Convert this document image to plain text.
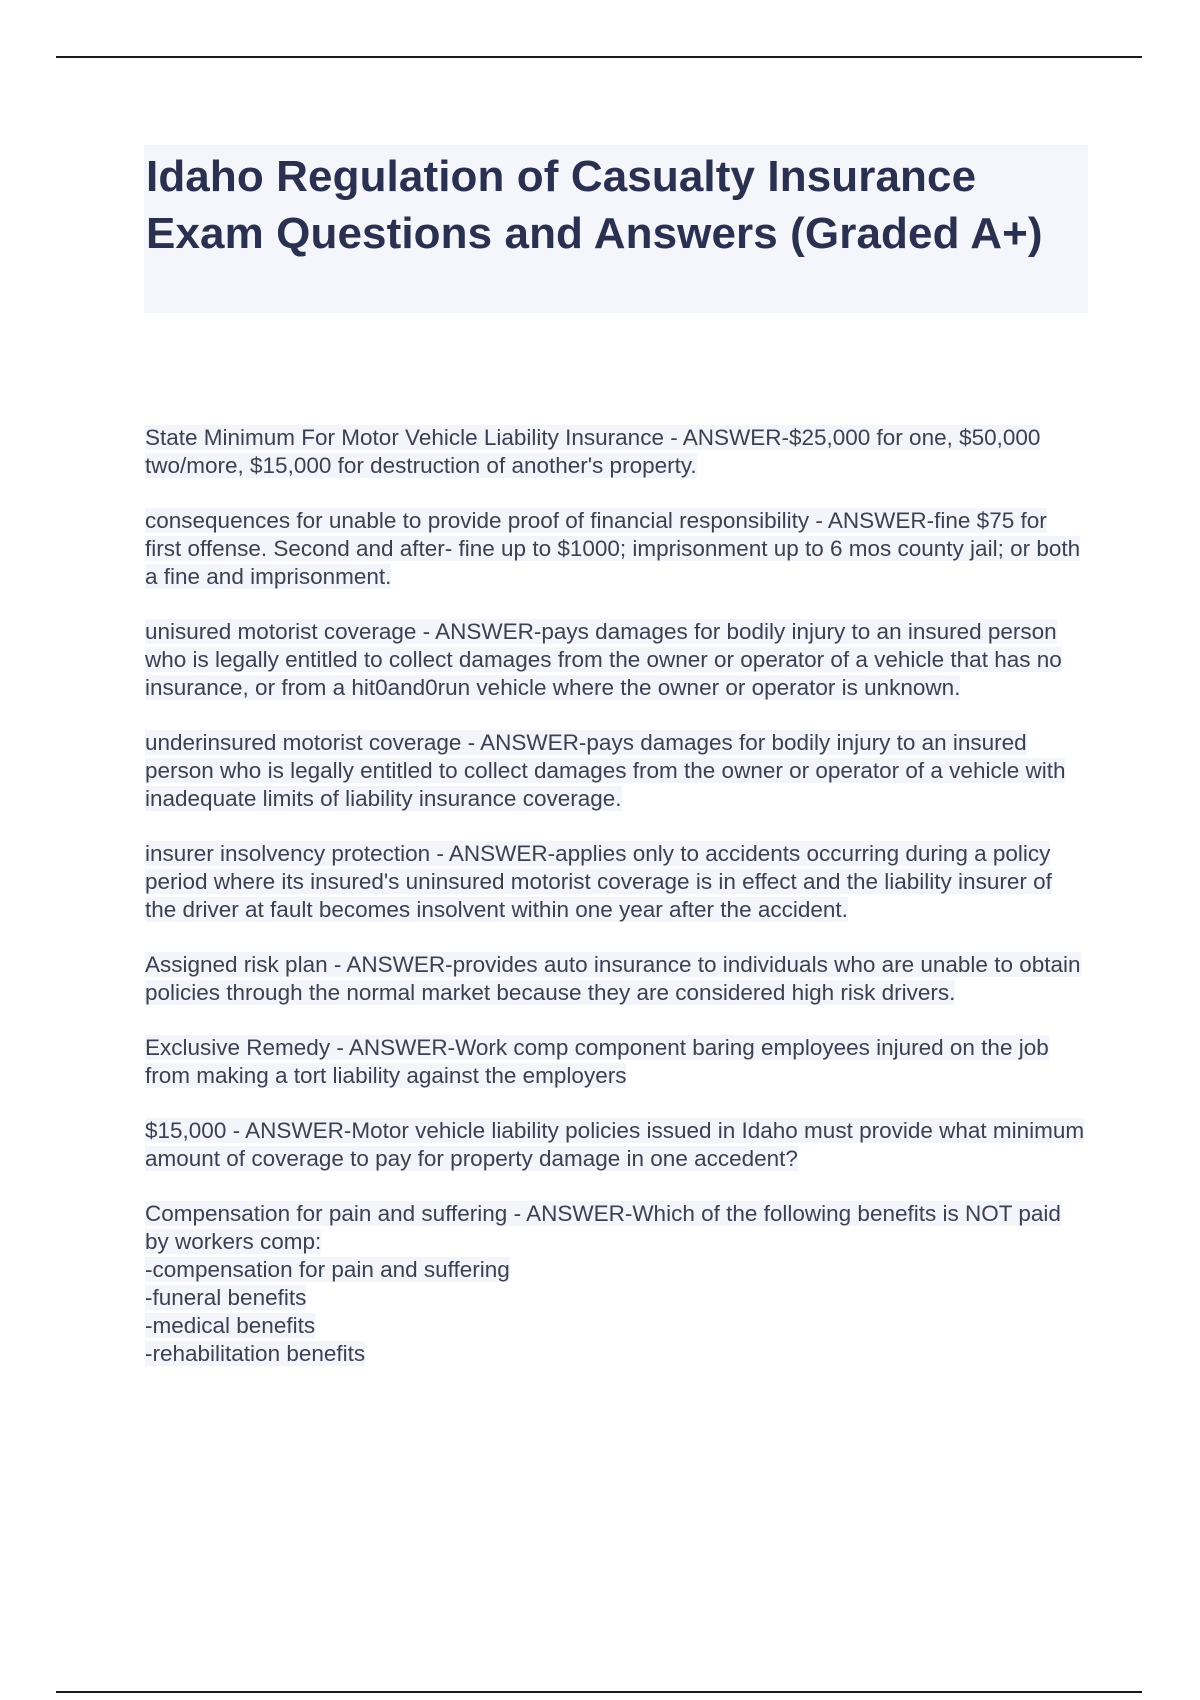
Idaho Regulation of Casualty Insurance Exam Questions and Answers (Graded A+)

State Minimum For Motor Vehicle Liability Insurance - ANSWER-$25,000 for one, $50,000 two/more, $15,000 for destruction of another's property.

consequences for unable to provide proof of financial responsibility - ANSWER-fine $75 for first offense. Second and after- fine up to $1000; imprisonment up to 6 mos county jail; or both a fine and imprisonment.

unisured motorist coverage - ANSWER-pays damages for bodily injury to an insured person who is legally entitled to collect damages from the owner or operator of a vehicle that has no insurance, or from a hit0and0run vehicle where the owner or operator is unknown.

underinsured motorist coverage - ANSWER-pays damages for bodily injury to an insured person who is legally entitled to collect damages from the owner or operator of a vehicle with inadequate limits of liability insurance coverage.

insurer insolvency protection - ANSWER-applies only to accidents occurring during a policy period where its insured's uninsured motorist coverage is in effect and the liability insurer of the driver at fault becomes insolvent within one year after the accident.

Assigned risk plan - ANSWER-provides auto insurance to individuals who are unable to obtain policies through the normal market because they are considered high risk drivers.

Exclusive Remedy - ANSWER-Work comp component baring employees injured on the job from making a tort liability against the employers

$15,000 - ANSWER-Motor vehicle liability policies issued in Idaho must provide what minimum amount of coverage to pay for property damage in one accedent?

Compensation for pain and suffering - ANSWER-Which of the following benefits is NOT paid by workers comp:
-compensation for pain and suffering
-funeral benefits
-medical benefits
-rehabilitation benefits
